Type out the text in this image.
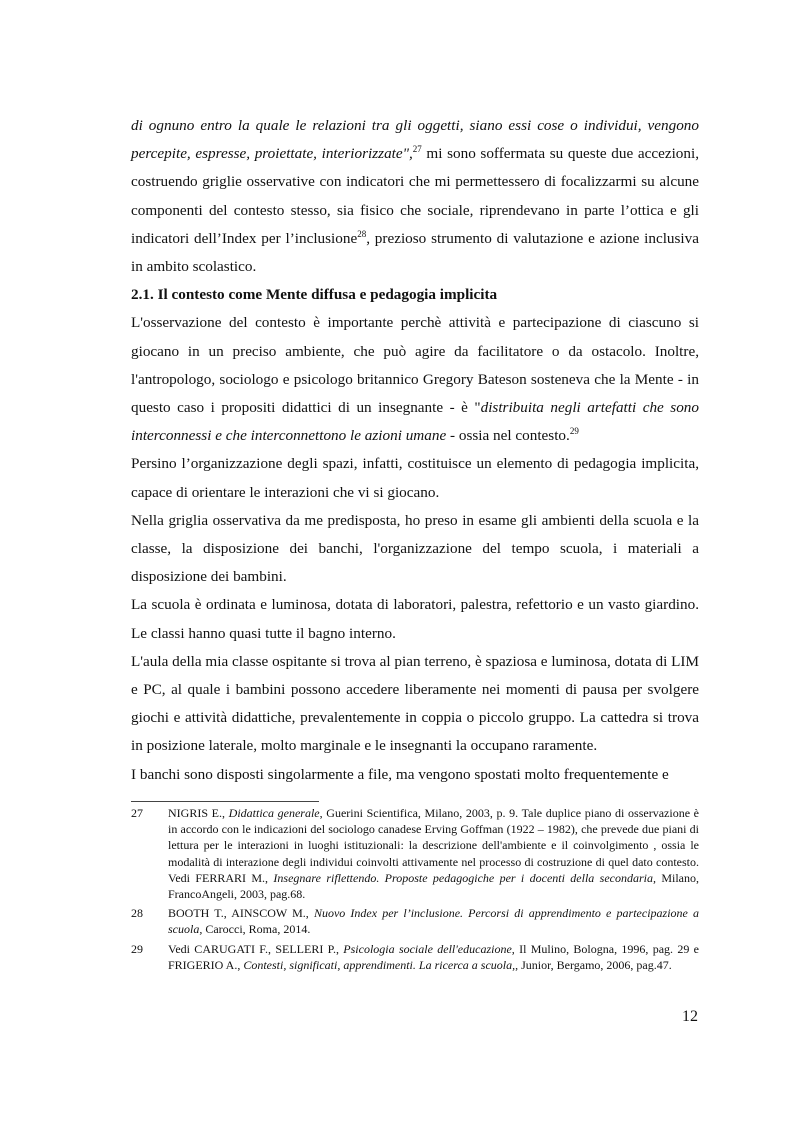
di ognuno entro la quale le relazioni tra gli oggetti, siano essi cose o individui, vengono percepite, espresse, proiettate, interiorizzate",$^{27}$ mi sono soffermata su queste due accezioni, costruendo griglie osservative con indicatori che mi permettessero di focalizzarmi su alcune componenti del contesto stesso, sia fisico che sociale, riprendevano in parte l’ottica e gli indicatori dell’Index per l’inclusione$^{28}$, prezioso strumento di valutazione e azione inclusiva in ambito scolastico.

2.1. Il contesto come Mente diffusa e pedagogia implicita

L'osservazione del contesto è importante perchè attività e partecipazione di ciascuno si giocano in un preciso ambiente, che può agire da facilitatore o da ostacolo. Inoltre, l'antropologo, sociologo e psicologo britannico Gregory Bateson sosteneva che la Mente - in questo caso i propositi didattici di un insegnante - è "distribuita negli artefatti che sono interconnessi e che interconnettono le azioni umane - ossia nel contesto.$^{29}$

Persino l’organizzazione degli spazi, infatti, costituisce un elemento di pedagogia implicita, capace di orientare le interazioni che vi si giocano.

Nella griglia osservativa da me predisposta, ho preso in esame gli ambienti della scuola e la classe, la disposizione dei banchi, l'organizzazione del tempo scuola, i materiali a disposizione dei bambini.

La scuola è ordinata e luminosa, dotata di laboratori, palestra, refettorio e un vasto giardino. Le classi hanno quasi tutte il bagno interno.

L'aula della mia classe ospitante si trova al pian terreno, è spaziosa e luminosa, dotata di LIM e PC, al quale i bambini possono accedere liberamente nei momenti di pausa per svolgere giochi e attività didattiche, prevalentemente in coppia o piccolo gruppo. La cattedra si trova in posizione laterale, molto marginale e le insegnanti la occupano raramente.

I banchi sono disposti singolarmente a file, ma vengono spostati molto frequentemente e

27	NIGRIS E., Didattica generale, Guerini Scientifica, Milano, 2003, p. 9. Tale duplice piano di osservazione è in accordo con le indicazioni del sociologo canadese Erving Goffman (1922 – 1982), che prevede due piani di lettura per le interazioni in luoghi istituzionali: la descrizione dell'ambiente e il coinvolgimento , ossia le modalità di interazione degli individui coinvolti attivamente nel processo di costruzione di quel dato contesto. Vedi FERRARI M., Insegnare riflettendo. Proposte pedagogiche per i docenti della secondaria, Milano, FrancoAngeli, 2003, pag.68.
28	BOOTH T., AINSCOW M., Nuovo Index per l’inclusione. Percorsi di apprendimento e partecipazione a scuola, Carocci, Roma, 2014.
29	Vedi CARUGATI F., SELLERI P., Psicologia sociale dell'educazione, Il Mulino, Bologna, 1996, pag. 29 e FRIGERIO A., Contesti, significati, apprendimenti. La ricerca a scuola,, Junior, Bergamo, 2006, pag.47.
12
